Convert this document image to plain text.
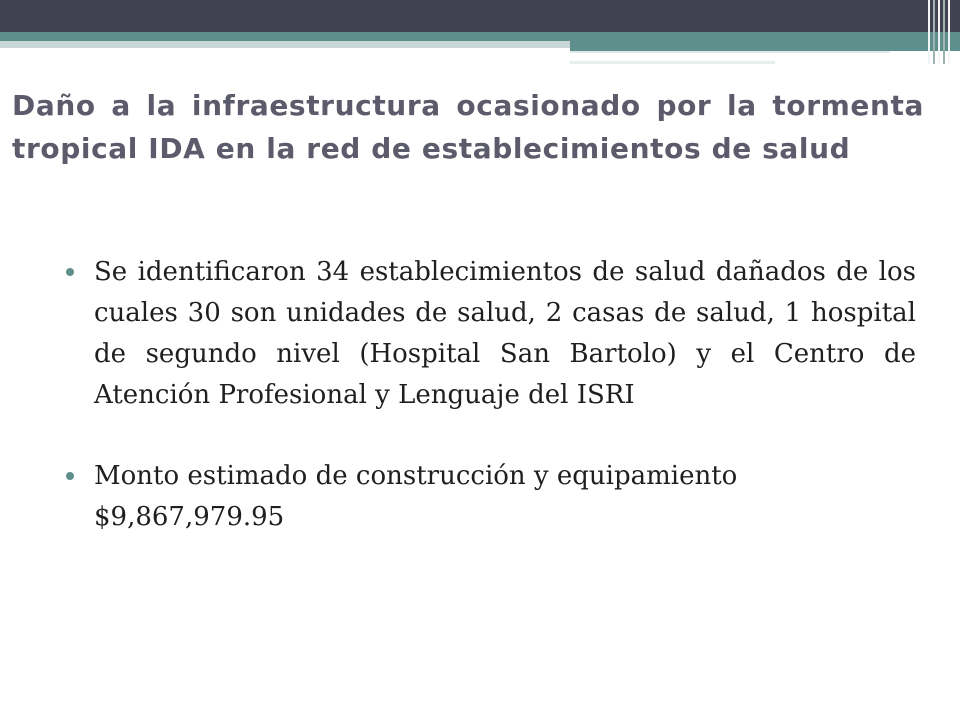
Daño a la infraestructura ocasionado por la tormenta tropical IDA en la red de establecimientos de salud
Se identificaron 34 establecimientos de salud dañados de los cuales 30 son unidades de salud, 2 casas de salud, 1 hospital de segundo nivel (Hospital San Bartolo) y el Centro de Atención Profesional y Lenguaje del ISRI
Monto estimado de construcción y equipamiento
$9,867,979.95
